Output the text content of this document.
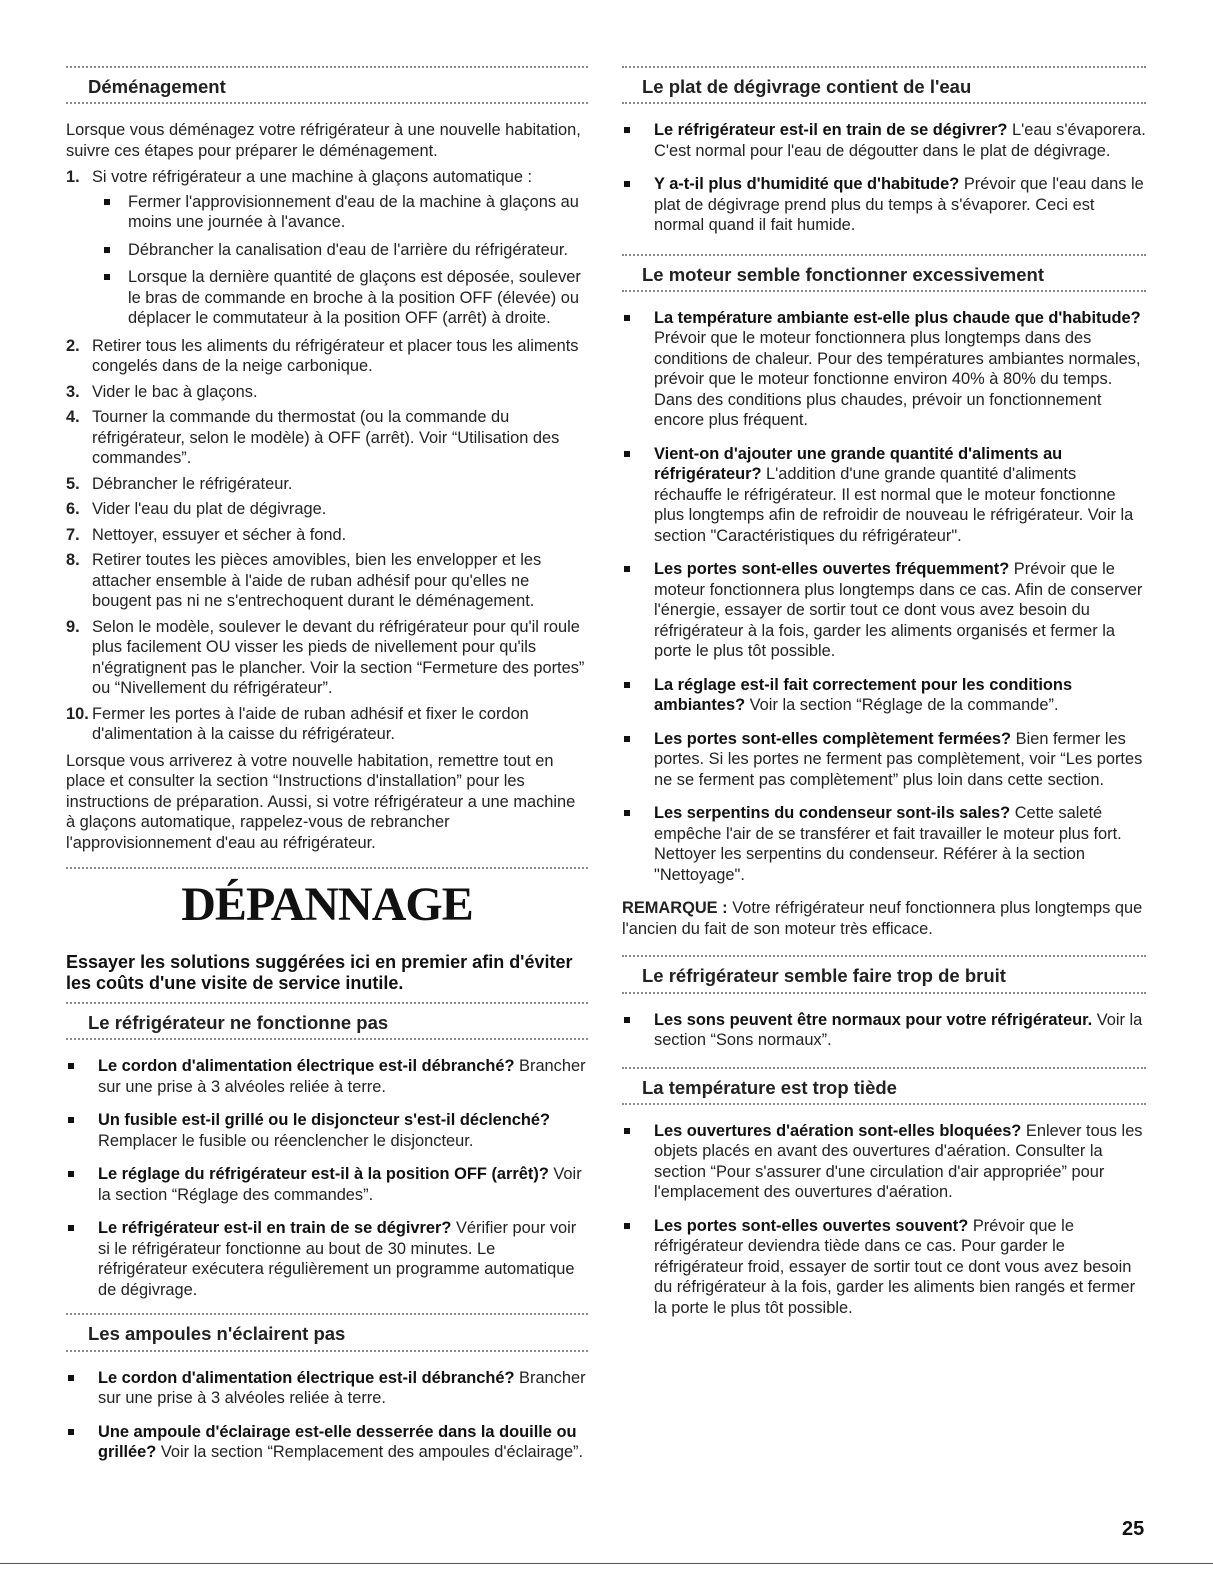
Déménagement

Lorsque vous déménagez votre réfrigérateur à une nouvelle habitation, suivre ces étapes pour préparer le déménagement.

1. Si votre réfrigérateur a une machine à glaçons automatique :
Fermer l'approvisionnement d'eau de la machine à glaçons au moins une journée à l'avance.
Débrancher la canalisation d'eau de l'arrière du réfrigérateur.
Lorsque la dernière quantité de glaçons est déposée, soulever le bras de commande en broche à la position OFF (élevée) ou déplacer le commutateur à la position OFF (arrêt) à droite.
2. Retirer tous les aliments du réfrigérateur et placer tous les aliments congelés dans de la neige carbonique.
3. Vider le bac à glaçons.
4. Tourner la commande du thermostat (ou la commande du réfrigérateur, selon le modèle) à OFF (arrêt). Voir “Utilisation des commandes”.
5. Débrancher le réfrigérateur.
6. Vider l'eau du plat de dégivrage.
7. Nettoyer, essuyer et sécher à fond.
8. Retirer toutes les pièces amovibles, bien les envelopper et les attacher ensemble à l'aide de ruban adhésif pour qu'elles ne bougent pas ni ne s'entrechoquent durant le déménagement.
9. Selon le modèle, soulever le devant du réfrigérateur pour qu'il roule plus facilement OU visser les pieds de nivellement pour qu'ils n'égratignent pas le plancher. Voir la section “Fermeture des portes” ou “Nivellement du réfrigérateur”.
10. Fermer les portes à l'aide de ruban adhésif et fixer le cordon d'alimentation à la caisse du réfrigérateur.

Lorsque vous arriverez à votre nouvelle habitation, remettre tout en place et consulter la section “Instructions d'installation” pour les instructions de préparation. Aussi, si votre réfrigérateur a une machine à glaçons automatique, rappelez-vous de rebrancher l'approvisionnement d'eau au réfrigérateur.

DÉPANNAGE

Essayer les solutions suggérées ici en premier afin d'éviter les coûts d'une visite de service inutile.

Le réfrigérateur ne fonctionne pas
Le cordon d'alimentation électrique est-il débranché? Brancher sur une prise à 3 alvéoles reliée à terre.
Un fusible est-il grillé ou le disjoncteur s'est-il déclenché? Remplacer le fusible ou réenclencher le disjoncteur.
Le réglage du réfrigérateur est-il à la position OFF (arrêt)? Voir la section “Réglage des commandes”.
Le réfrigérateur est-il en train de se dégivrer? Vérifier pour voir si le réfrigérateur fonctionne au bout de 30 minutes. Le réfrigérateur exécutera régulièrement un programme automatique de dégivrage.
Les ampoules n'éclairent pas
Le cordon d'alimentation électrique est-il débranché? Brancher sur une prise à 3 alvéoles reliée à terre.
Une ampoule d'éclairage est-elle desserrée dans la douille ou grillée? Voir la section “Remplacement des ampoules d'éclairage”.
Le plat de dégivrage contient de l'eau
Le réfrigérateur est-il en train de se dégivrer? L'eau s'évaporera. C'est normal pour l'eau de dégoutter dans le plat de dégivrage.
Y a-t-il plus d'humidité que d'habitude? Prévoir que l'eau dans le plat de dégivrage prend plus du temps à s'évaporer. Ceci est normal quand il fait humide.
Le moteur semble fonctionner excessivement
La température ambiante est-elle plus chaude que d'habitude? Prévoir que le moteur fonctionnera plus longtemps dans des conditions de chaleur. Pour des températures ambiantes normales, prévoir que le moteur fonctionne environ 40% à 80% du temps. Dans des conditions plus chaudes, prévoir un fonctionnement encore plus fréquent.
Vient-on d'ajouter une grande quantité d'aliments au réfrigérateur? L'addition d'une grande quantité d'aliments réchauffe le réfrigérateur. Il est normal que le moteur fonctionne plus longtemps afin de refroidir de nouveau le réfrigérateur. Voir la section "Caractéristiques du réfrigérateur".
Les portes sont-elles ouvertes fréquemment? Prévoir que le moteur fonctionnera plus longtemps dans ce cas. Afin de conserver l'énergie, essayer de sortir tout ce dont vous avez besoin du réfrigérateur à la fois, garder les aliments organisés et fermer la porte le plus tôt possible.
La réglage est-il fait correctement pour les conditions ambiantes? Voir la section “Réglage de la commande”.
Les portes sont-elles complètement fermées? Bien fermer les portes. Si les portes ne ferment pas complètement, voir “Les portes ne se ferment pas complètement” plus loin dans cette section.
Les serpentins du condenseur sont-ils sales? Cette saleté empêche l'air de se transférer et fait travailler le moteur plus fort. Nettoyer les serpentins du condenseur. Référer à la section "Nettoyage".

REMARQUE : Votre réfrigérateur neuf fonctionnera plus longtemps que l'ancien du fait de son moteur très efficace.

Le réfrigérateur semble faire trop de bruit
Les sons peuvent être normaux pour votre réfrigérateur. Voir la section “Sons normaux”.
La température est trop tiède
Les ouvertures d'aération sont-elles bloquées? Enlever tous les objets placés en avant des ouvertures d'aération. Consulter la section “Pour s'assurer d'une circulation d'air appropriée” pour l'emplacement des ouvertures d'aération.
Les portes sont-elles ouvertes souvent? Prévoir que le réfrigérateur deviendra tiède dans ce cas. Pour garder le réfrigérateur froid, essayer de sortir tout ce dont vous avez besoin du réfrigérateur à la fois, garder les aliments bien rangés et fermer la porte le plus tôt possible.
25
